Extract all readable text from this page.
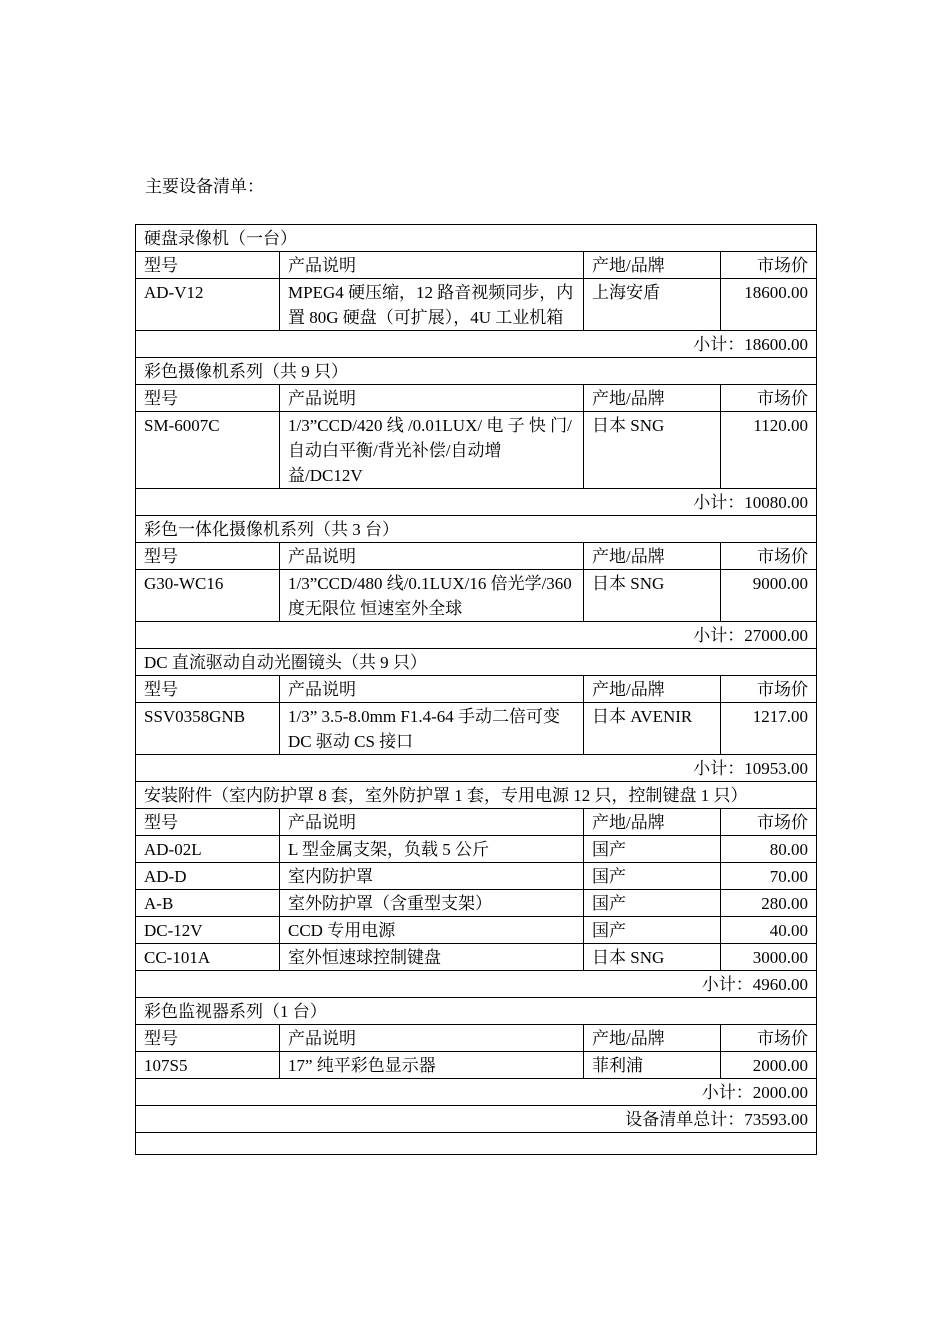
主要设备清单：
硬盘录像机（一台）			
型号	产品说明	产地/品牌	市场价
AD-V12	MPEG4 硬压缩，12 路音视频同步，内置 80G 硬盘（可扩展），4U 工业机箱	上海安盾	18600.00
小计：18600.00			
彩色摄像机系列（共 9 只）			
型号	产品说明	产地/品牌	市场价
SM-6007C	1/3”CCD/420 线 /0.01LUX/ 电 子 快 门/自动白平衡/背光补偿/自动增益/DC12V	日本 SNG	1120.00
小计：10080.00			
彩色一体化摄像机系列（共 3 台）			
型号	产品说明	产地/品牌	市场价
G30-WC16	1/3”CCD/480 线/0.1LUX/16 倍光学/360 度无限位 恒速室外全球	日本 SNG	9000.00
小计：27000.00			
DC 直流驱动自动光圈镜头（共 9 只）			
型号	产品说明	产地/品牌	市场价
SSV0358GNB	1/3” 3.5-8.0mm F1.4-64 手动二倍可变 DC 驱动 CS 接口	日本 AVENIR	1217.00
小计：10953.00			
安装附件（室内防护罩 8 套，室外防护罩 1 套，专用电源 12 只，控制键盘 1 只）			
型号	产品说明	产地/品牌	市场价
AD-02L	L 型金属支架，负载 5 公斤	国产	80.00
AD-D	室内防护罩	国产	70.00
A-B	室外防护罩（含重型支架）	国产	280.00
DC-12V	CCD 专用电源	国产	40.00
CC-101A	室外恒速球控制键盘	日本 SNG	3000.00
小计：4960.00			
彩色监视器系列（1 台）			
型号	产品说明	产地/品牌	市场价
107S5	17” 纯平彩色显示器	菲利浦	2000.00
小计：2000.00			
设备清单总计：73593.00			
